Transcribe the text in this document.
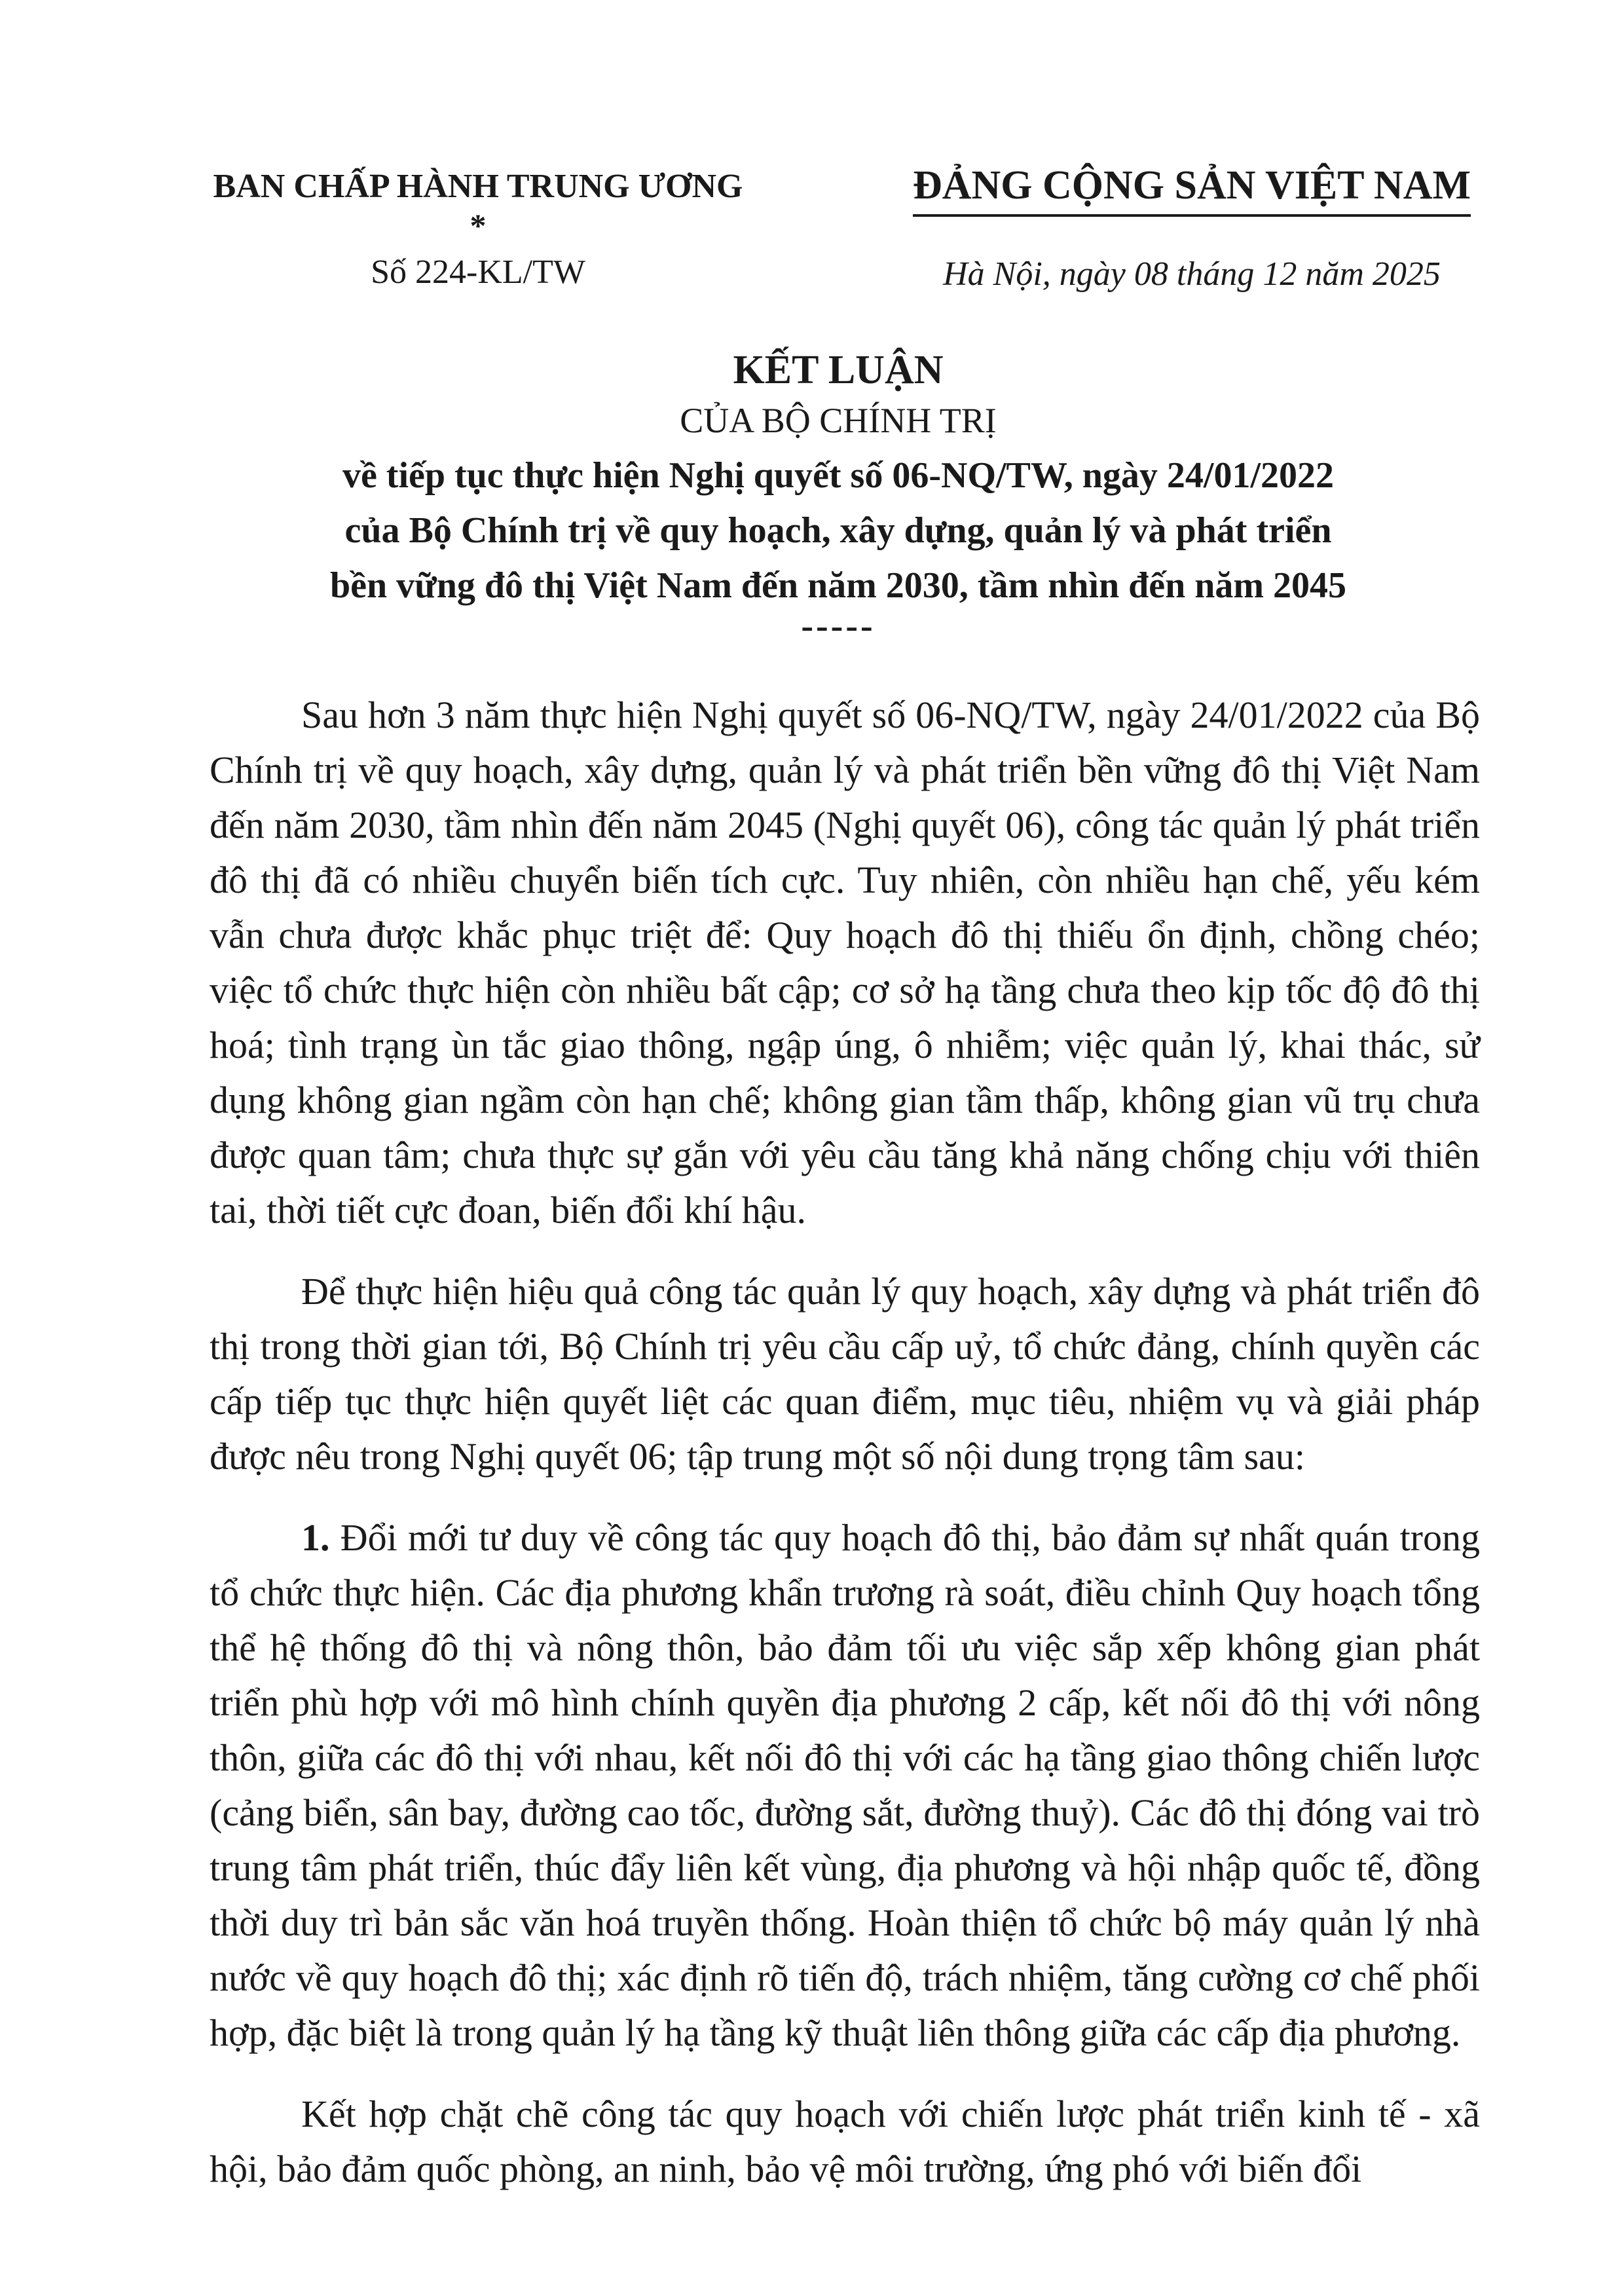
BAN CHẤP HÀNH TRUNG ƯƠNG
*
Số 224-KL/TW
ĐẢNG CỘNG SẢN VIỆT NAM
Hà Nội, ngày 08 tháng 12 năm 2025
KẾT LUẬN
CỦA BỘ CHÍNH TRỊ
về tiếp tục thực hiện Nghị quyết số 06-NQ/TW, ngày 24/01/2022
của Bộ Chính trị về quy hoạch, xây dựng, quản lý và phát triển
bền vững đô thị Việt Nam đến năm 2030, tầm nhìn đến năm 2045
-----

Sau hơn 3 năm thực hiện Nghị quyết số 06-NQ/TW, ngày 24/01/2022 của Bộ Chính trị về quy hoạch, xây dựng, quản lý và phát triển bền vững đô thị Việt Nam đến năm 2030, tầm nhìn đến năm 2045 (Nghị quyết 06), công tác quản lý phát triển đô thị đã có nhiều chuyển biến tích cực. Tuy nhiên, còn nhiều hạn chế, yếu kém vẫn chưa được khắc phục triệt để: Quy hoạch đô thị thiếu ổn định, chồng chéo; việc tổ chức thực hiện còn nhiều bất cập; cơ sở hạ tầng chưa theo kịp tốc độ đô thị hoá; tình trạng ùn tắc giao thông, ngập úng, ô nhiễm; việc quản lý, khai thác, sử dụng không gian ngầm còn hạn chế; không gian tầm thấp, không gian vũ trụ chưa được quan tâm; chưa thực sự gắn với yêu cầu tăng khả năng chống chịu với thiên tai, thời tiết cực đoan, biến đổi khí hậu.

Để thực hiện hiệu quả công tác quản lý quy hoạch, xây dựng và phát triển đô thị trong thời gian tới, Bộ Chính trị yêu cầu cấp uỷ, tổ chức đảng, chính quyền các cấp tiếp tục thực hiện quyết liệt các quan điểm, mục tiêu, nhiệm vụ và giải pháp được nêu trong Nghị quyết 06; tập trung một số nội dung trọng tâm sau:

1. Đổi mới tư duy về công tác quy hoạch đô thị, bảo đảm sự nhất quán trong tổ chức thực hiện. Các địa phương khẩn trương rà soát, điều chỉnh Quy hoạch tổng thể hệ thống đô thị và nông thôn, bảo đảm tối ưu việc sắp xếp không gian phát triển phù hợp với mô hình chính quyền địa phương 2 cấp, kết nối đô thị với nông thôn, giữa các đô thị với nhau, kết nối đô thị với các hạ tầng giao thông chiến lược (cảng biển, sân bay, đường cao tốc, đường sắt, đường thuỷ). Các đô thị đóng vai trò trung tâm phát triển, thúc đẩy liên kết vùng, địa phương và hội nhập quốc tế, đồng thời duy trì bản sắc văn hoá truyền thống. Hoàn thiện tổ chức bộ máy quản lý nhà nước về quy hoạch đô thị; xác định rõ tiến độ, trách nhiệm, tăng cường cơ chế phối hợp, đặc biệt là trong quản lý hạ tầng kỹ thuật liên thông giữa các cấp địa phương.

Kết hợp chặt chẽ công tác quy hoạch với chiến lược phát triển kinh tế - xã hội, bảo đảm quốc phòng, an ninh, bảo vệ môi trường, ứng phó với biến đổi
